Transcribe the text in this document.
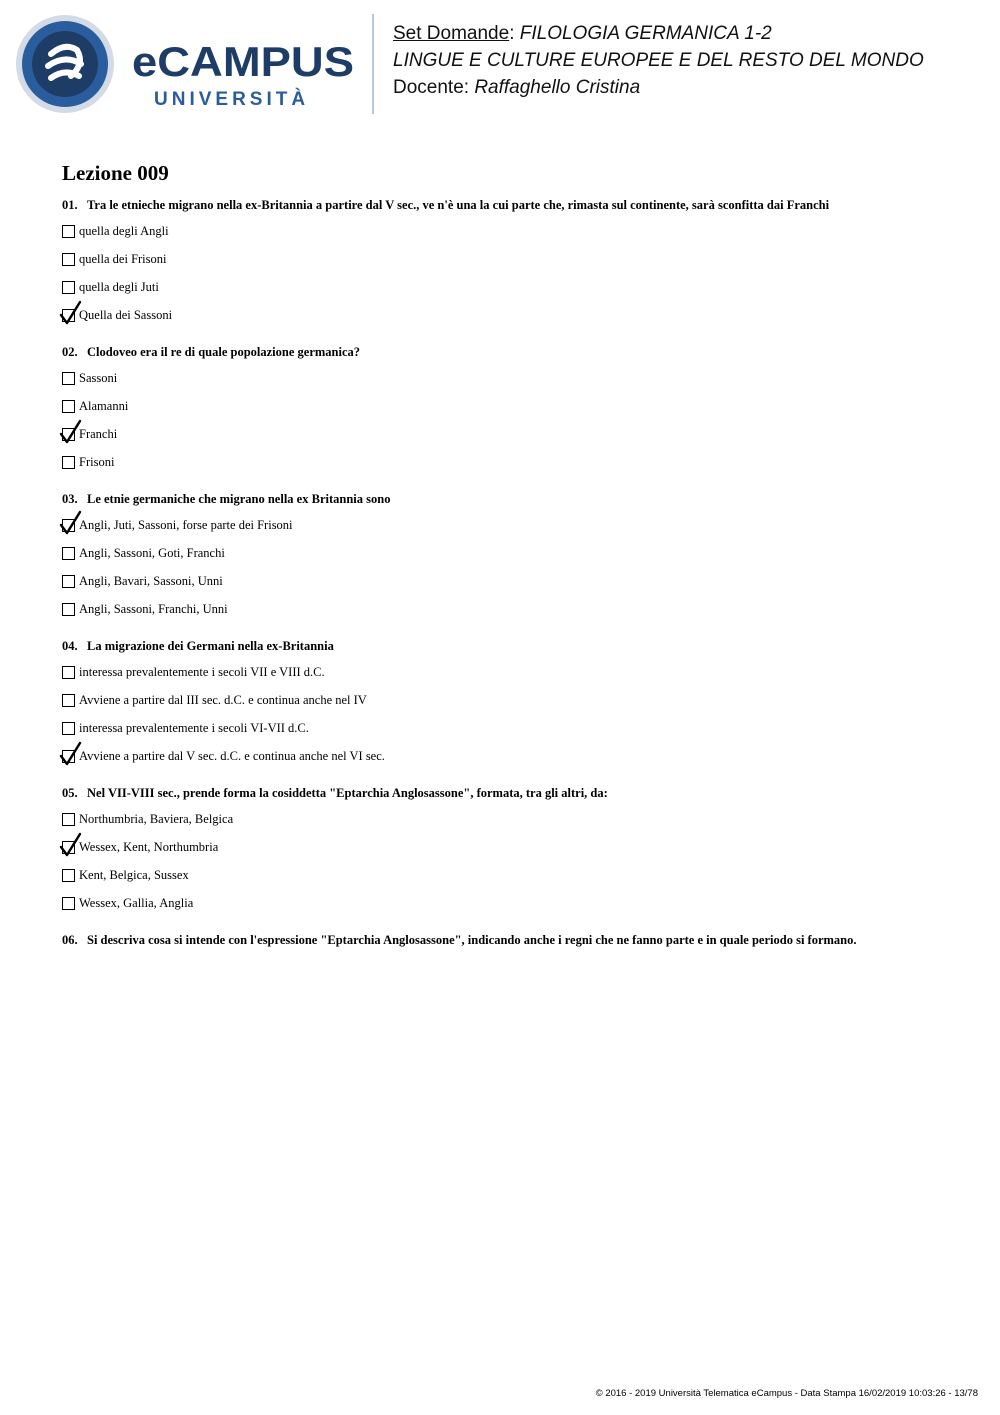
eCAMPUS
UNIVERSITÀ
Set Domande: FILOLOGIA GERMANICA 1-2
LINGUE E CULTURE EUROPEE E DEL RESTO DEL MONDO
Docente: Raffaghello Cristina
Lezione 009
01. Tra le etnieche migrano nella ex-Britannia a partire dal V sec., ve n'è una la cui parte che, rimasta sul continente, sarà sconfitta dai Franchi
quella degli Angli
quella dei Frisoni
quella degli Juti
Quella dei Sassoni
02. Clodoveo era il re di quale popolazione germanica?
Sassoni
Alamanni
Franchi
Frisoni
03. Le etnie germaniche che migrano nella ex Britannia sono
Angli, Juti, Sassoni, forse parte dei Frisoni
Angli, Sassoni, Goti, Franchi
Angli, Bavari, Sassoni, Unni
Angli, Sassoni, Franchi, Unni
04. La migrazione dei Germani nella ex-Britannia
interessa prevalentemente i secoli VII e VIII d.C.
Avviene a partire dal III sec. d.C. e continua anche nel IV
interessa prevalentemente i secoli VI-VII d.C.
Avviene a partire dal V sec. d.C. e continua anche nel VI sec.
05. Nel VII-VIII sec., prende forma la cosiddetta "Eptarchia Anglosassone", formata, tra gli altri, da:
Northumbria, Baviera, Belgica
Wessex, Kent, Northumbria
Kent, Belgica, Sussex
Wessex, Gallia, Anglia
06. Si descriva cosa si intende con l'espressione "Eptarchia Anglosassone", indicando anche i regni che ne fanno parte e in quale periodo si formano.
© 2016 - 2019 Università Telematica eCampus - Data Stampa 16/02/2019 10:03:26 - 13/78
